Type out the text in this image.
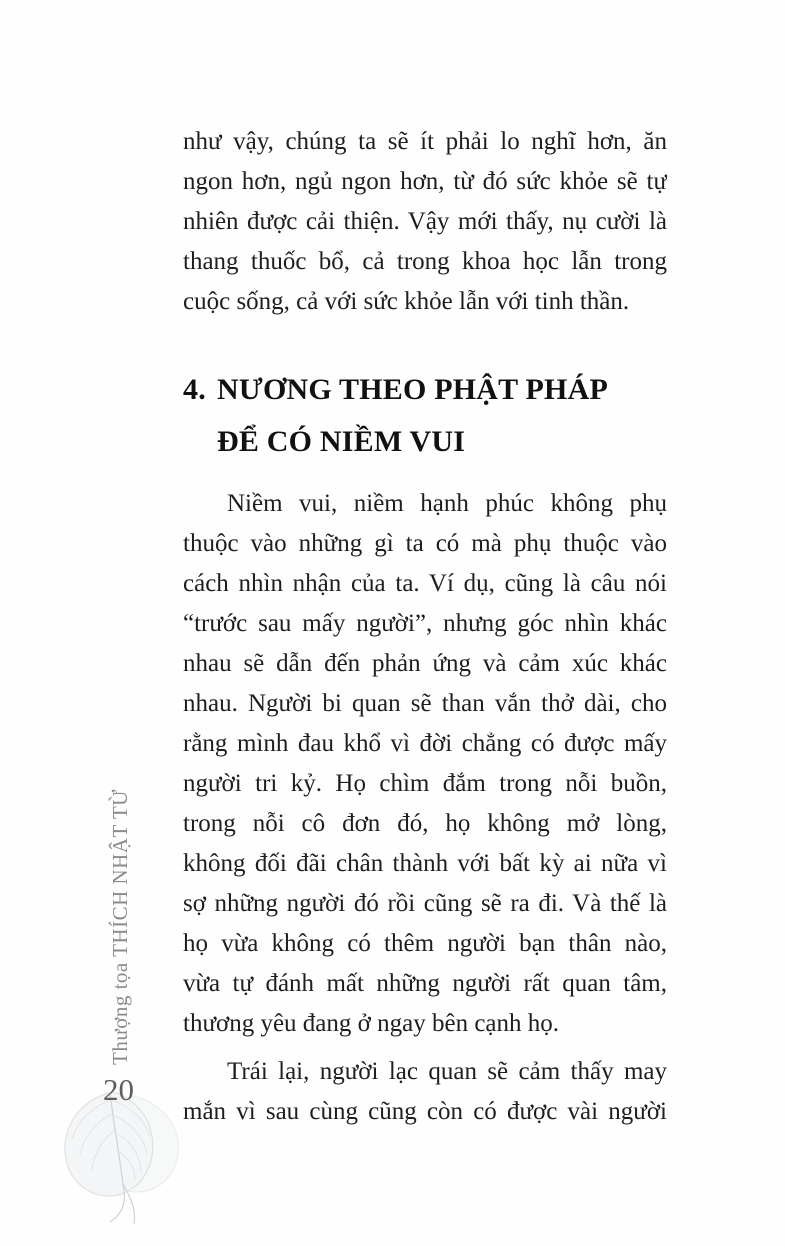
như vậy, chúng ta sẽ ít phải lo nghĩ hơn, ăn
ngon hơn, ngủ ngon hơn, từ đó sức khỏe sẽ tự
nhiên được cải thiện. Vậy mới thấy, nụ cười là
thang thuốc bổ, cả trong khoa học lẫn trong
cuộc sống, cả với sức khỏe lẫn với tinh thần.
4. NƯƠNG THEO PHẬT PHÁP
ĐỂ CÓ NIỀM VUI
Niềm vui, niềm hạnh phúc không phụ
thuộc vào những gì ta có mà phụ thuộc vào
cách nhìn nhận của ta. Ví dụ, cũng là câu nói
“trước sau mấy người”, nhưng góc nhìn khác
nhau sẽ dẫn đến phản ứng và cảm xúc khác
nhau. Người bi quan sẽ than vắn thở dài, cho
rằng mình đau khổ vì đời chẳng có được mấy
người tri kỷ. Họ chìm đắm trong nỗi buồn,
trong nỗi cô đơn đó, họ không mở lòng,
không đối đãi chân thành với bất kỳ ai nữa vì
sợ những người đó rồi cũng sẽ ra đi. Và thế là
họ vừa không có thêm người bạn thân nào,
vừa tự đánh mất những người rất quan tâm,
thương yêu đang ở ngay bên cạnh họ.
Trái lại, người lạc quan sẽ cảm thấy may
mắn vì sau cùng cũng còn có được vài người
Thượng tọa THÍCH NHẬT TỪ
20
